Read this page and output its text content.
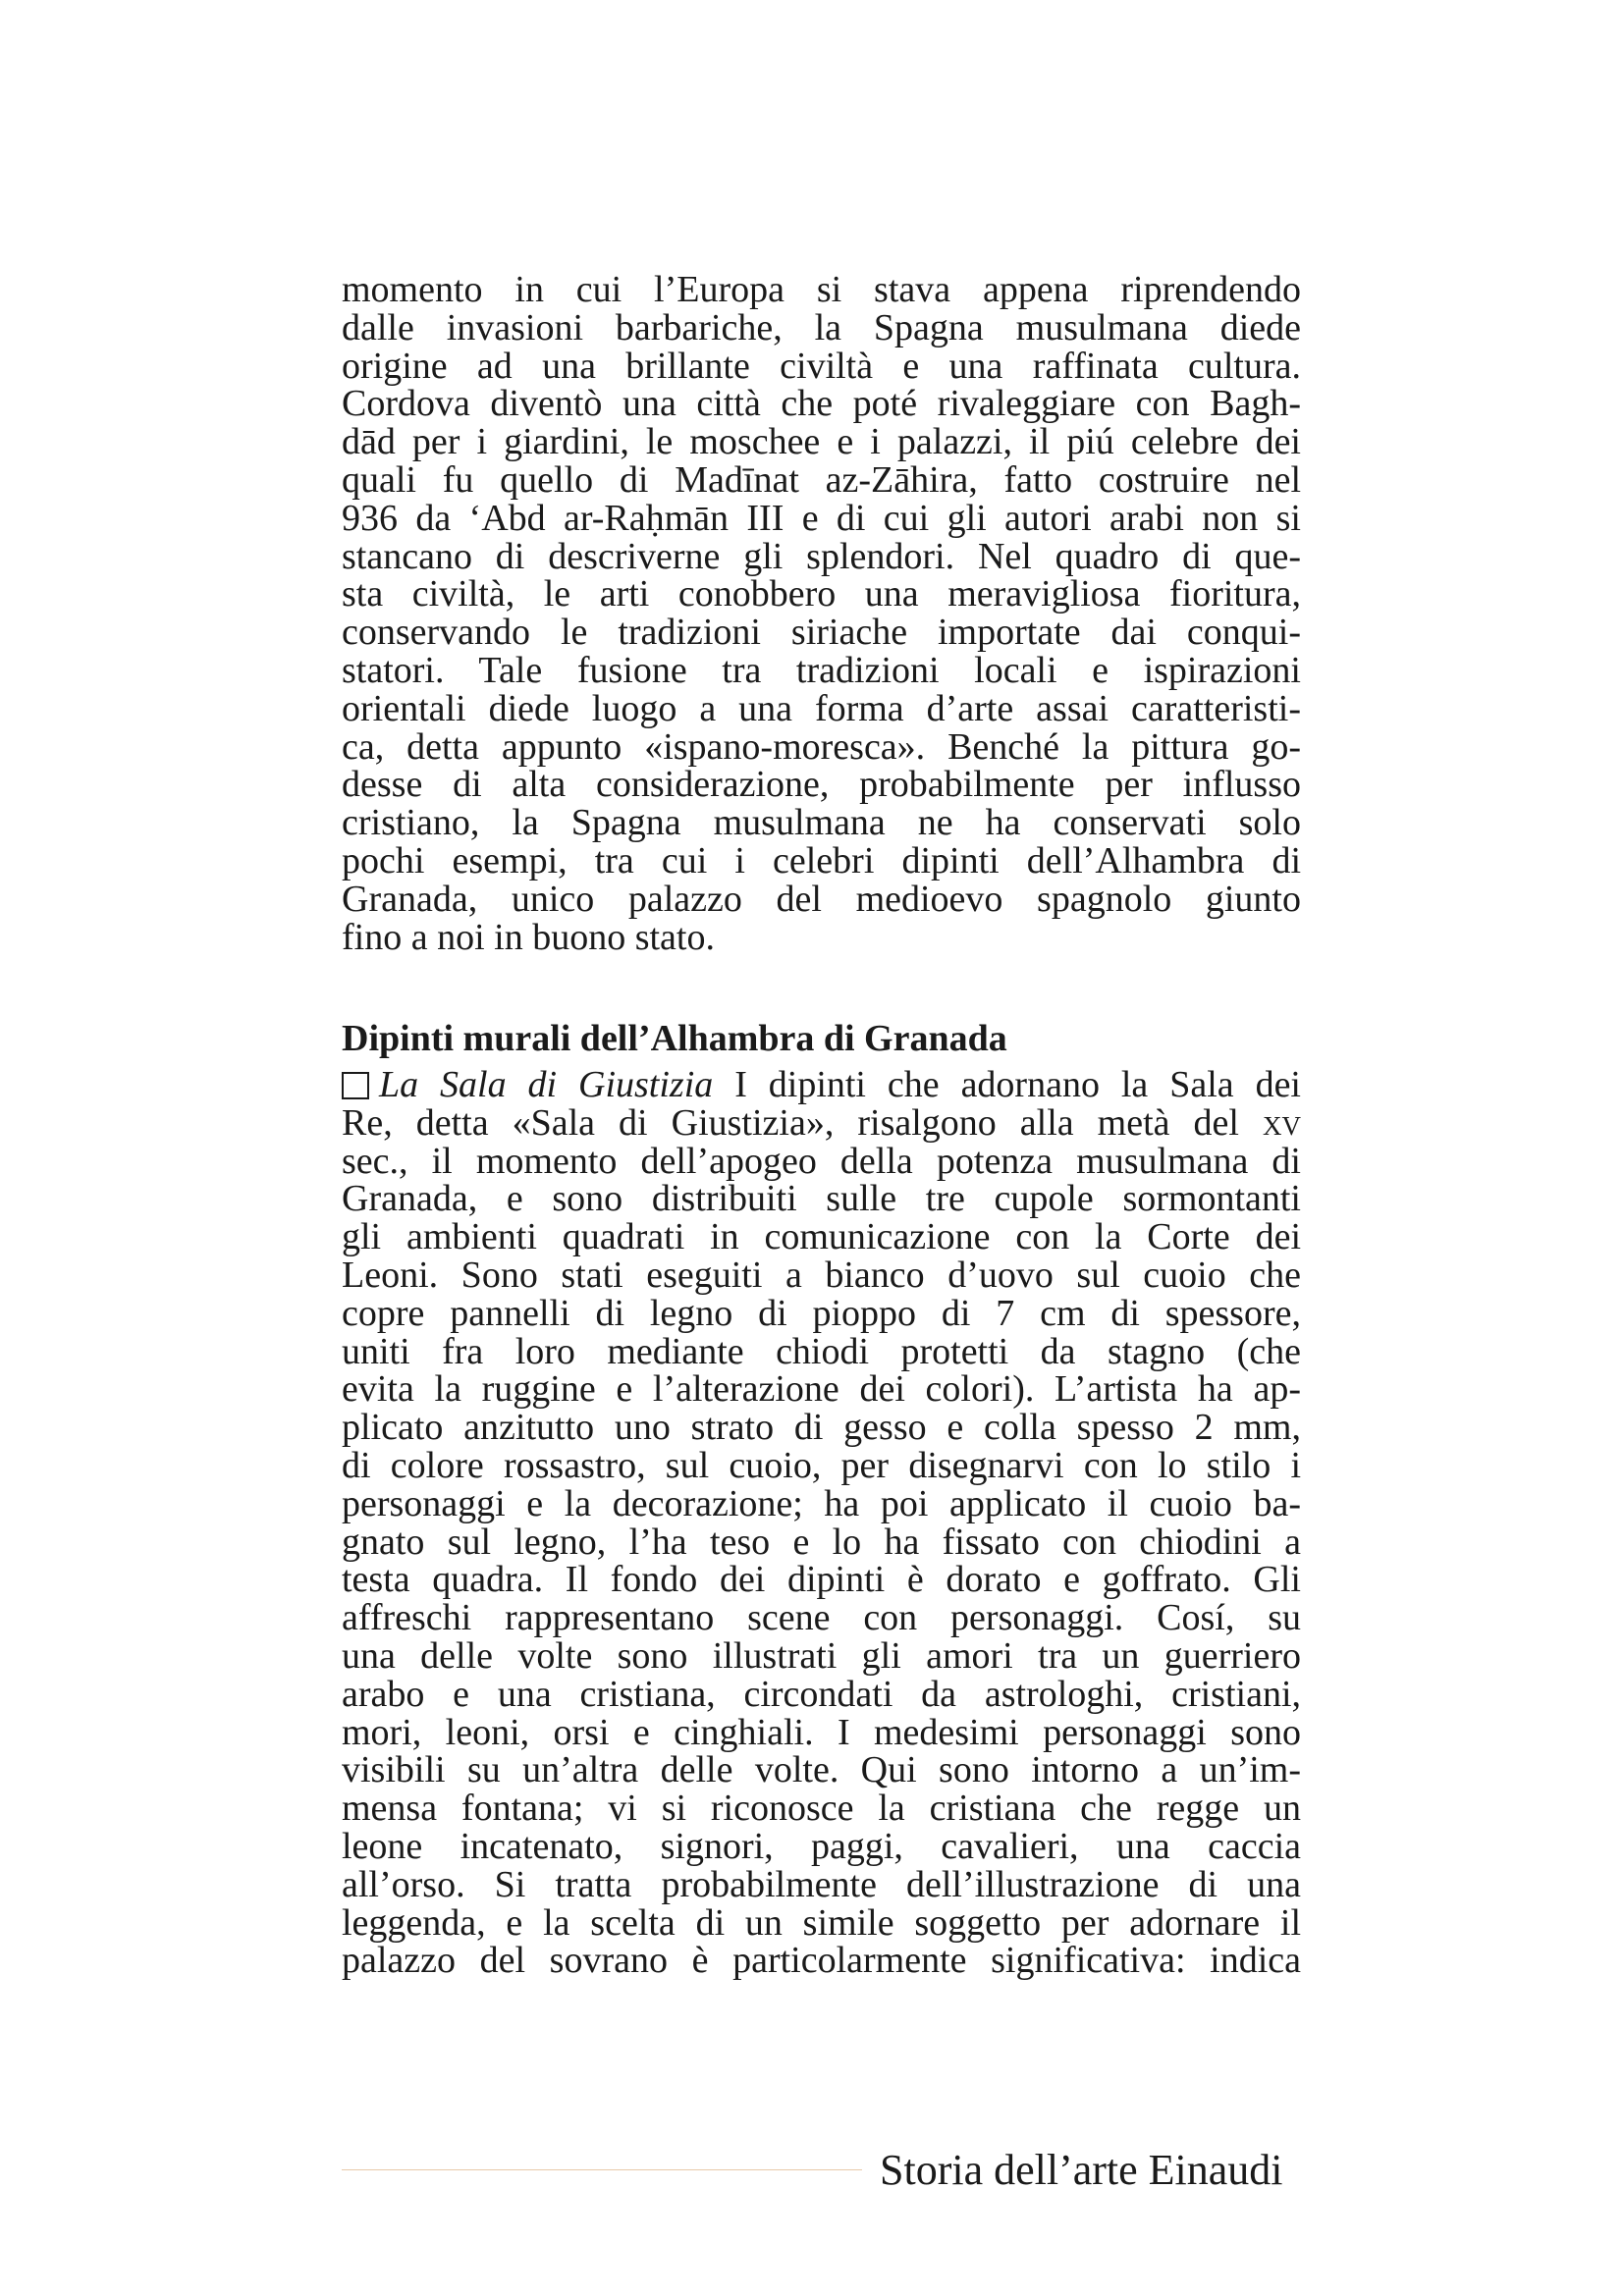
momento in cui l’Europa si stava appena riprendendo
dalle invasioni barbariche, la Spagna musulmana diede
origine ad una brillante civiltà e una raffinata cultura.
Cordova diventò una città che poté rivaleggiare con Bagh-
dād per i giardini, le moschee e i palazzi, il piú celebre dei
quali fu quello di Madīnat az-Zāhira, fatto costruire nel
936 da ‘Abd ar-Raḥmān III e di cui gli autori arabi non si
stancano di descriverne gli splendori. Nel quadro di que-
sta civiltà, le arti conobbero una meravigliosa fioritura,
conservando le tradizioni siriache importate dai conqui-
statori. Tale fusione tra tradizioni locali e ispirazioni
orientali diede luogo a una forma d’arte assai caratteristi-
ca, detta appunto «ispano-moresca». Benché la pittura go-
desse di alta considerazione, probabilmente per influsso
cristiano, la Spagna musulmana ne ha conservati solo
pochi esempi, tra cui i celebri dipinti dell’Alhambra di
Granada, unico palazzo del medioevo spagnolo giunto
fino a noi in buono stato.
Dipinti murali dell’Alhambra di Granada
La Sala di Giustizia I dipinti che adornano la Sala dei
Re, detta «Sala di Giustizia», risalgono alla metà del xv
sec., il momento dell’apogeo della potenza musulmana di
Granada, e sono distribuiti sulle tre cupole sormontanti
gli ambienti quadrati in comunicazione con la Corte dei
Leoni. Sono stati eseguiti a bianco d’uovo sul cuoio che
copre pannelli di legno di pioppo di 7 cm di spessore,
uniti fra loro mediante chiodi protetti da stagno (che
evita la ruggine e l’alterazione dei colori). L’artista ha ap-
plicato anzitutto uno strato di gesso e colla spesso 2 mm,
di colore rossastro, sul cuoio, per disegnarvi con lo stilo i
personaggi e la decorazione; ha poi applicato il cuoio ba-
gnato sul legno, l’ha teso e lo ha fissato con chiodini a
testa quadra. Il fondo dei dipinti è dorato e goffrato. Gli
affreschi rappresentano scene con personaggi. Cosí, su
una delle volte sono illustrati gli amori tra un guerriero
arabo e una cristiana, circondati da astrologhi, cristiani,
mori, leoni, orsi e cinghiali. I medesimi personaggi sono
visibili su un’altra delle volte. Qui sono intorno a un’im-
mensa fontana; vi si riconosce la cristiana che regge un
leone incatenato, signori, paggi, cavalieri, una caccia
all’orso. Si tratta probabilmente dell’illustrazione di una
leggenda, e la scelta di un simile soggetto per adornare il
palazzo del sovrano è particolarmente significativa: indica
Storia dell’arte Einaudi
